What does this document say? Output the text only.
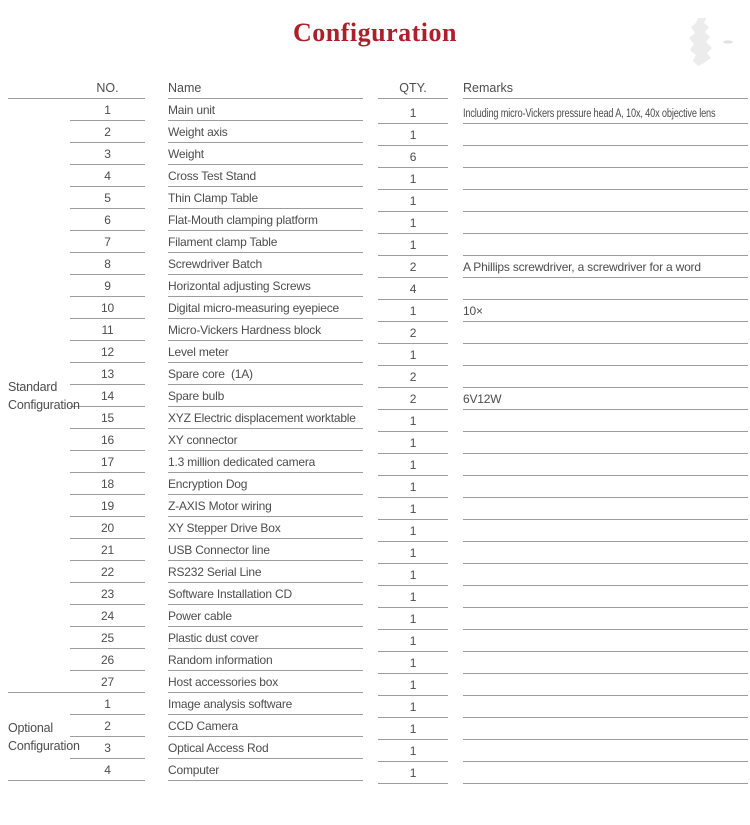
Configuration
NO.	Name	QTY.	Remarks
1	Main unit	1	Including micro-Vickers pressure head A, 10x, 40x objective lens
2	Weight axis	1
3	Weight	6
4	Cross Test Stand	1
5	Thin Clamp Table	1
6	Flat-Mouth clamping platform	1
7	Filament clamp Table	1
8	Screwdriver Batch	2	A Phillips screwdriver, a screwdriver for a word
9	Horizontal adjusting Screws	4
10	Digital micro-measuring eyepiece	1	10×
11	Micro-Vickers Hardness block	2
12	Level meter	1
13	Spare core  (1A)	2
14	Spare bulb	2	6V12W
15	XYZ Electric displacement worktable	1
16	XY connector	1
17	1.3 million dedicated camera	1
18	Encryption Dog	1
19	Z-AXIS Motor wiring	1
20	XY Stepper Drive Box	1
21	USB Connector line	1
22	RS232 Serial Line	1
23	Software Installation CD	1
24	Power cable	1
25	Plastic dust cover	1
26	Random information	1
27	Host accessories box	1
1	Image analysis software	1
2	CCD Camera	1
3	Optical Access Rod	1
4	Computer	1
Standard Configuration
Optional Configuration
